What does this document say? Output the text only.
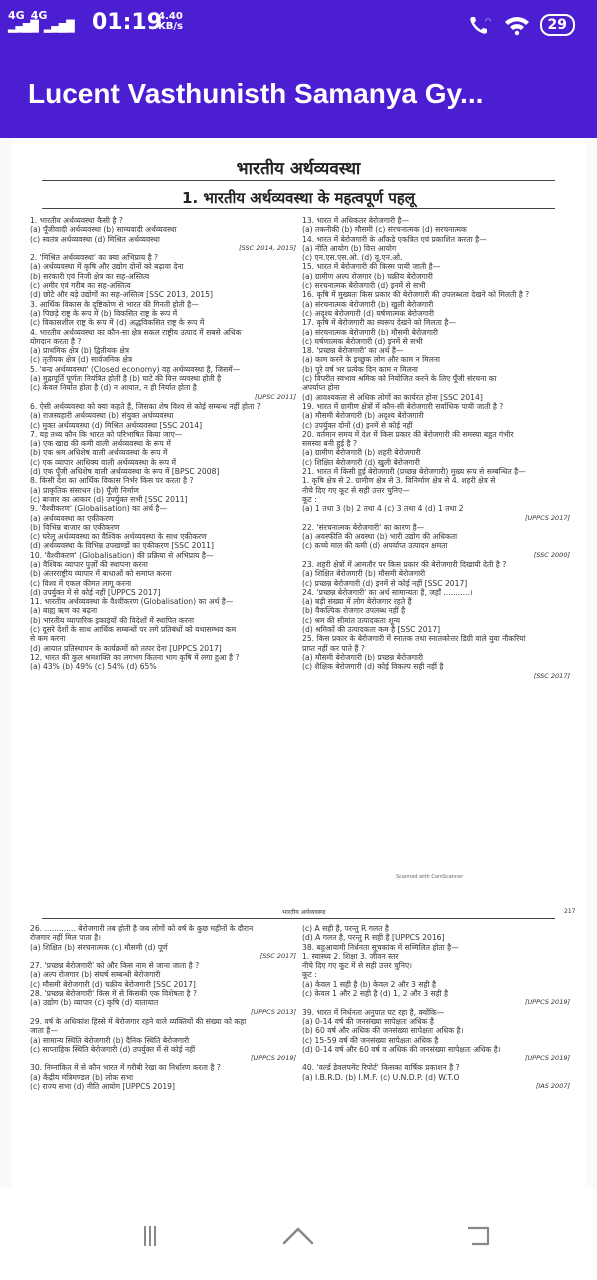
4G 4G
▂▄▆█ ▂▄▆█ 01:19
4.40
KB/s	◠	29
Lucent Vasthunisth Samanya Gy...
भारतीय अर्थव्यवस्था
1. भारतीय अर्थव्यवस्था के महत्वपूर्ण पहलू
1. भारतीय अर्थव्यवस्था कैसी है ?
(a) पूँजीवादी अर्थव्यवस्था (b) साम्यवादी अर्थव्यवस्था
(c) स्वतंत्र अर्थव्यवस्था (d) मिश्रित अर्थव्यवस्था
[SSC 2014, 2015]
2. 'मिश्रित अर्थव्यवस्था' का क्या अभिप्राय है ?
(a) अर्थव्यवस्था में कृषि और उद्योग दोनों को बढ़ावा देना
(b) सरकारी एवं निजी क्षेत्र का सह-अस्तित्व
(c) अमीर एवं गरीब का सह-अस्तित्व
(d) छोटे और बड़े उद्योगों का सह-अस्तित्व [SSC 2013, 2015]
3. आर्थिक विकास के दृष्टिकोण से भारत की गिनती होती है—
(a) पिछड़े राष्ट्र के रूप में (b) विकसित राष्ट्र के रूप में
(c) विकासशील राष्ट्र के रूप में (d) अद्धविकसित राष्ट्र के रूप में
4. भारतीय अर्थव्यवस्था का कौन-सा क्षेत्र सकल राष्ट्रीय उत्पाद में सबसे अधिक
योगदान करता है ?
(a) प्राथमिक क्षेत्र (b) द्वितीयक क्षेत्र
(c) तृतीयक क्षेत्र (d) सार्वजनिक क्षेत्र
5. 'बन्द अर्थव्यवस्था' (Closed economy) वह अर्थव्यवस्था है, जिसमें—
(a) मुद्रापूर्ति पूर्णतः नियंत्रित होती है (b) घाटे की वित्त व्यवस्था होती है
(c) केवल निर्यात होता है (d) न आयात, न ही निर्यात होता है
[UPSC 2011]
6. ऐसी अर्थव्यवस्था को क्या कहते हैं, जिसका शेष विश्व से कोई सम्बन्ध नहीं होता ?
(a) राजस्वहारी अर्थव्यवस्था (b) संयुक्त अर्थव्यवस्था
(c) मुक्त अर्थव्यवस्था (d) मिश्रित अर्थव्यवस्था [SSC 2014]
7. यह तथ्य कौन कि भारत को परिभाषित किया जाए—
(a) एक खाद्य की कमी वाली अर्थव्यवस्था के रूप में
(b) एक श्रम अधिशेष वाली अर्थव्यवस्था के रूप में
(c) एक व्यापार आधिक्य वाली अर्थव्यवस्था के रूप में
(d) एक पूँजी अधिशेष वाली अर्थव्यवस्था के रूप में [BPSC 2008]
8. किसी देश का आर्थिक विकास निर्भर किस पर करता है ?
(a) प्राकृतिक संसाधन (b) पूँजी निर्माण
(c) बाजार का आकार (d) उपर्युक्त सभी [SSC 2011]
9. 'वैश्वीकरण' (Globalisation) का अर्थ है—
(a) अर्थव्यवस्था का एकीकरण
(b) विभिन्न बाजार का एकीकरण
(c) घरेलू अर्थव्यवस्था का वैश्विक अर्थव्यवस्था के साथ एकीकरण
(d) अर्थव्यवस्था के विभिन्न उपखण्डों का एकीकरण [SSC 2011]
10. 'वैश्वीकरण' (Globalisation) की प्रक्रिया से अभिप्राय है—
(a) वैश्विक व्यापार पुर्ज़ों की स्थापना करना
(b) अंतरराष्ट्रीय व्यापार में बाधाओं को समाप्त करना
(c) विश्व में एकल कीमत लागू करना
(d) उपर्युक्त में से कोई नहीं [UPPCS 2017]
11. भारतीय अर्थव्यवस्था के वैश्वीकरण (Globalisation) का अर्थ है—
(a) बाह्य ऋण का बढ़ना
(b) भारतीय व्यापारिक इकाइयों की विदेशों में स्थापित करना
(c) दूसरे देशों के साथ आर्थिक सम्बन्धों पर लगे प्रतिबंधों को यथासम्भव कम
से कम करना
(d) आयात प्रतिस्थापन के कार्यक्रमों को तत्पर देना [UPPCS 2017]
12. भारत की कुल श्रमशक्ति का लगभग कितना भाग कृषि में लगा हुआ है ?
(a) 43% (b) 49% (c) 54% (d) 65%
13. भारत में अधिकतर बेरोजगारी है—
(a) तकनीकी (b) मौसमी (c) संरचनात्मक (d) सरचनात्मक
14. भारत में बेरोजगारी के आँकड़े एकत्रित एवं प्रकाशित करता है—
(a) नीति आयोग (b) वित्त आयोग
(c) एन.एस.एस.ओ. (d) यू.एन.ओ.
15. भारत में बेरोजगारी की किस्म पायी जाती है—
(a) ग्रामीण अल्प रोजगार (b) चक्रीय बेरोजगारी
(c) सरचनात्मक बेरोजगारी (d) इनमें से सभी
16. कृषि में मुख्यतः किस प्रकार की बेरोजगारी की उपलब्धता देखने को मिलती है ?
(a) संरचनात्मक बेरोजगारी (b) खुली बेरोजगारी
(c) अदृश्य बेरोजगारी (d) घर्षणात्मक बेरोजगारी
17. कृषि में बेरोजगारी का स्वरूप देखने को मिलता है—
(a) संरचनात्मक बेरोजगारी (b) मौसमी बेरोजगारी
(c) घर्षणात्मक बेरोजगारी (d) इनमें से सभी
18. 'प्रच्छन्न बेरोजगारी' का अर्थ है—
(a) काम करने के इच्छुक लोग और काम न मिलना
(b) पूरे वर्ष भर प्रत्येक दिन काम न मिलना
(c) विपरीत स्वभाव श्रमिक को नियोजित करने के लिए पूँजी संरचना का
अपर्याप्त होना
(d) आवश्यकता से अधिक लोगों का कार्यरत होना [SSC 2014]
19. भारत में ग्रामीण क्षेत्रों में कौन-सी बेरोजगारी सर्वाधिक पायी जाती है ?
(a) मौसमी बेरोजगारी (b) अदृश्य बेरोजगारी
(c) उपर्युक्त दोनों (d) इनमें से कोई नहीं
20. वर्तमान समय में देश में किस प्रकार की बेरोजगारी की समस्या बहुत गंभीर
समस्या बनी हुई है ?
(a) ग्रामीण बेरोजगारी (b) शहरी बेरोजगारी
(c) शिक्षित बेरोजगारी (d) खुली बेरोजगारी
21. भारत में किसी हुई बेरोजगारी (प्रच्छन्न बेरोजगारी) मुख्य रूप से सम्बन्धित है—
1. कृषि क्षेत्र से 2. ग्रामीण क्षेत्र से 3. विनिर्माण क्षेत्र से 4. शहरी क्षेत्र से
नीचे दिए गए कूट से सही उत्तर चुनिए—
कूट :
(a) 1 तथा 3 (b) 2 तथा 4 (c) 3 तथा 4 (d) 1 तथा 2
[UPPCS 2017]
22. 'संरचनात्मक बेरोजगारी' का कारण है—
(a) अवस्फीति की अवस्था (b) भारी उद्योग की अधिकता
(c) कच्चे माल की कमी (d) अपर्याप्त उत्पादन क्षमता
[SSC 2000]
23. शहरी क्षेत्रों में आमतौर पर किस प्रकार की बेरोजगारी दिखायी देती है ?
(a) शिक्षित बेरोजगारी (b) मौसमी बेरोजगारी
(c) प्रच्छन्न बेरोजगारी (d) इनमें से कोई नहीं [SSC 2017]
24. 'प्रच्छन्न बेरोजगारी' का अर्थ सामान्यतः है, जहाँ ...........।
(a) बड़ी संख्या में लोग बेरोजगार रहते हैं
(b) वैकल्पिक रोजगार उपलब्ध नहीं है
(c) श्रम की सीमांत उत्पादकता शून्य
(d) श्रमिकों की उत्पादकता कम है [SSC 2017]
25. किस प्रकार के बेरोजगारी में स्नातक तथा स्नातकोत्तर डिग्री वाले युवा नौकरियां
प्राप्त नहीं कर पाते हैं ?
(a) मौसमी बेरोजगारी (b) प्रच्छन्न बेरोजगारी
(c) शैक्षिक बेरोजगारी (d) कोई विकल्प सही नहीं है
[SSC 2017]
Scanned with CamScanner
भारतीय अर्थव्यवस्था	217
26. ............. बेरोजगारी तब होती है जब लोगों को वर्ष के कुछ महीनों के दौरान
रोजगार नहीं मिल पाता है।
(a) शिक्षित (b) संरचनात्मक (c) मौसमी (d) पूर्ण
[SSC 2017]
27. 'प्रच्छन्न बेरोजगारी' को और किस नाम से जाना जाता है ?
(a) अल्प रोजगार (b) संघर्ष सम्बन्धी बेरोजगारी
(c) मौसमी बेरोजगारी (d) चक्रीय बेरोजगारी [SSC 2017]
28. 'प्रच्छन्न बेरोजगारी' किस में से किसकी एक विशेषता है ?
(a) उद्योग (b) व्यापार (c) कृषि (d) यातायात
[UPPCS 2013]
29. वर्ष के अधिकांश हिस्से में बेरोजगार रहने वाले व्यक्तियों की संख्या को कहा
जाता है—
(a) सामान्य स्थिति बेरोजगारी (b) दैनिक स्थिति बेरोजगारी
(c) साप्ताहिक स्थिति बेरोजगारी (d) उपर्युक्त में से कोई नहीं
[UPPCS 2019]
30. निम्नांकित में से कौन भारत में गरीबी रेखा का निर्धारण करता है ?
(a) केंद्रीय मंत्रिमण्डल (b) लोक सभा
(c) राज्य सभा (d) नीति आयोग [UPPCS 2019]
(c) A सही है, परन्तु R गलत है
(d) A गलत है, परन्तु R सही है [UPPCS 2016]
38. बहुआयामी निर्धनता सूचकांक में सम्मिलित होता है—
1. स्वास्थ्य 2. शिक्षा 3. जीवन स्तर
नीचे दिए गए कूट में से सही उत्तर चुनिए।
कूट :
(a) केवल 1 सही है (b) केवल 2 और 3 सही है
(c) केवल 1 और 2 सही है (d) 1, 2 और 3 सही है
[UPPCS 2019]
39. भारत में निर्धनता अनुपात घट रहा है, क्योंकि—
(a) 0-14 वर्ष की जनसंख्या सापेक्षतः अधिक है
(b) 60 वर्ष और अधिक की जनसंख्या सापेक्षतः अधिक है।
(c) 15-59 वर्ष की जनसंख्या सापेक्षतः अधिक है
(d) 0-14 वर्ष और 60 वर्ष व अधिक की जनसंख्या सापेक्षतः अधिक है।
[UPPCS 2019]
40. 'वर्ल्ड डेवलपमेंट रिपोर्ट' किसका वार्षिक प्रकाशन है ?
(a) I.B.R.D. (b) I.M.F. (c) U.N.D.P. (d) W.T.O
[IAS 2007]
